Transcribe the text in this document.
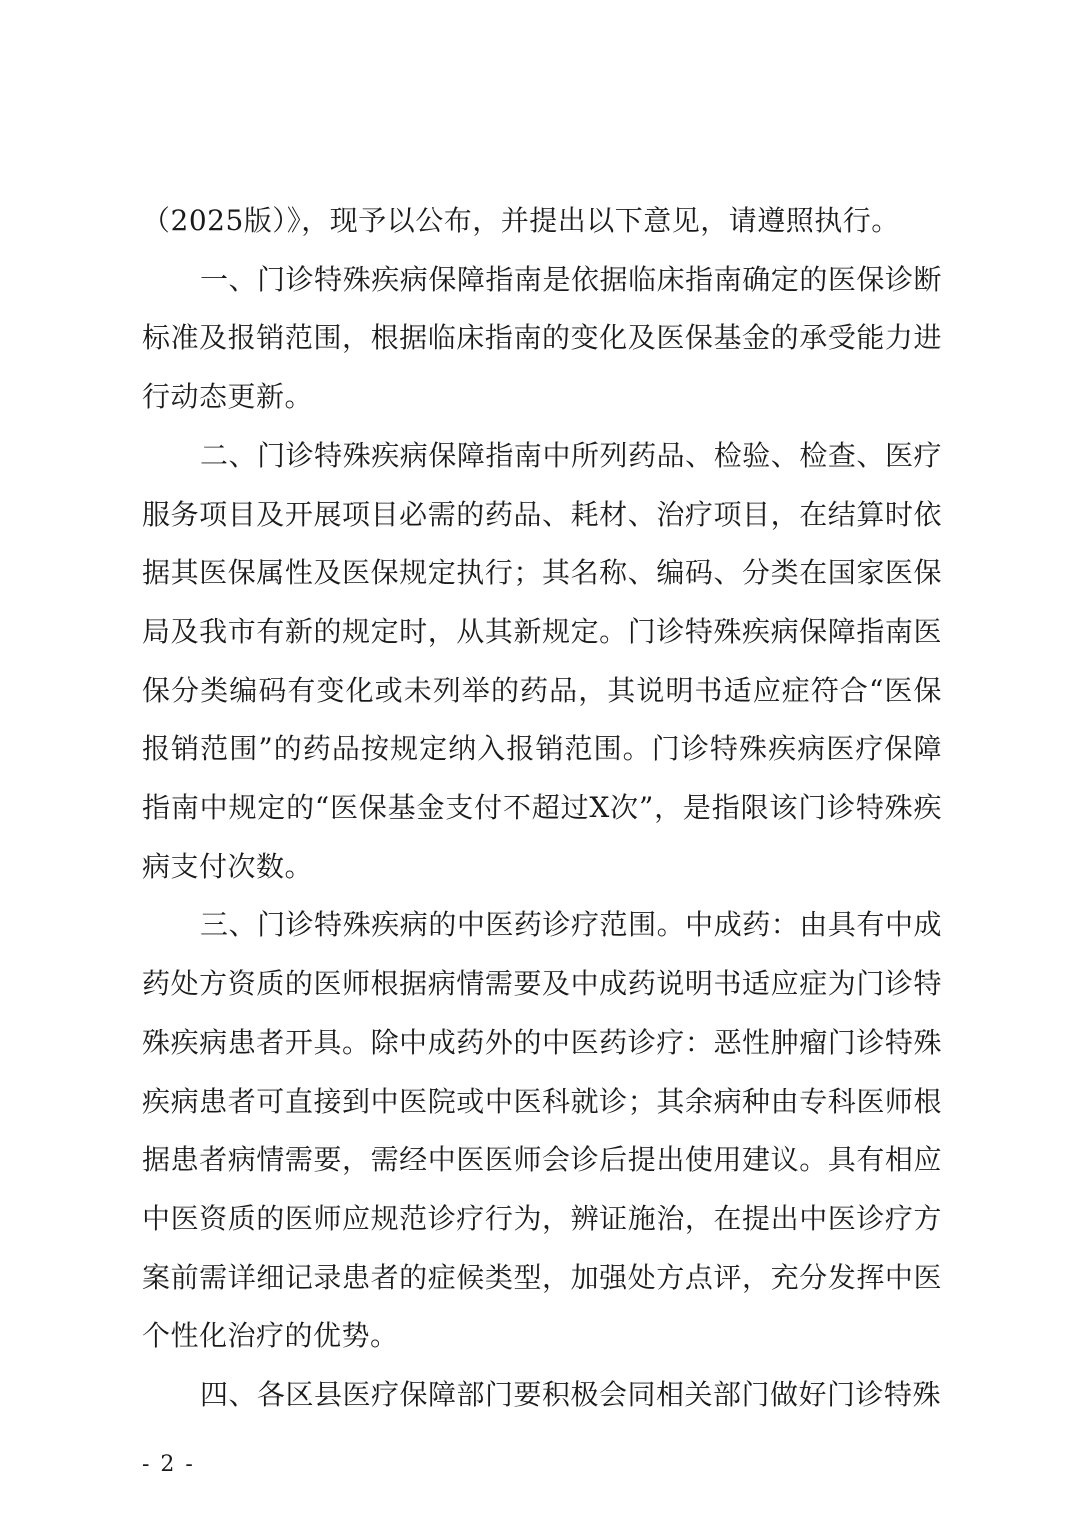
（2025版）》，现予以公布，并提出以下意见，请遵照执行。

一、门诊特殊疾病保障指南是依据临床指南确定的医保诊断标准及报销范围，根据临床指南的变化及医保基金的承受能力进行动态更新。

二、门诊特殊疾病保障指南中所列药品、检验、检查、医疗服务项目及开展项目必需的药品、耗材、治疗项目，在结算时依据其医保属性及医保规定执行；其名称、编码、分类在国家医保局及我市有新的规定时，从其新规定。门诊特殊疾病保障指南医保分类编码有变化或未列举的药品，其说明书适应症符合“医保报销范围”的药品按规定纳入报销范围。门诊特殊疾病医疗保障指南中规定的“医保基金支付不超过X次”，是指限该门诊特殊疾病支付次数。

三、门诊特殊疾病的中医药诊疗范围。中成药：由具有中成药处方资质的医师根据病情需要及中成药说明书适应症为门诊特殊疾病患者开具。除中成药外的中医药诊疗：恶性肿瘤门诊特殊疾病患者可直接到中医院或中医科就诊；其余病种由专科医师根据患者病情需要，需经中医医师会诊后提出使用建议。具有相应中医资质的医师应规范诊疗行为，辨证施治，在提出中医诊疗方案前需详细记录患者的症候类型，加强处方点评，充分发挥中医个性化治疗的优势。

四、各区县医疗保障部门要积极会同相关部门做好门诊特殊

- 2 -
